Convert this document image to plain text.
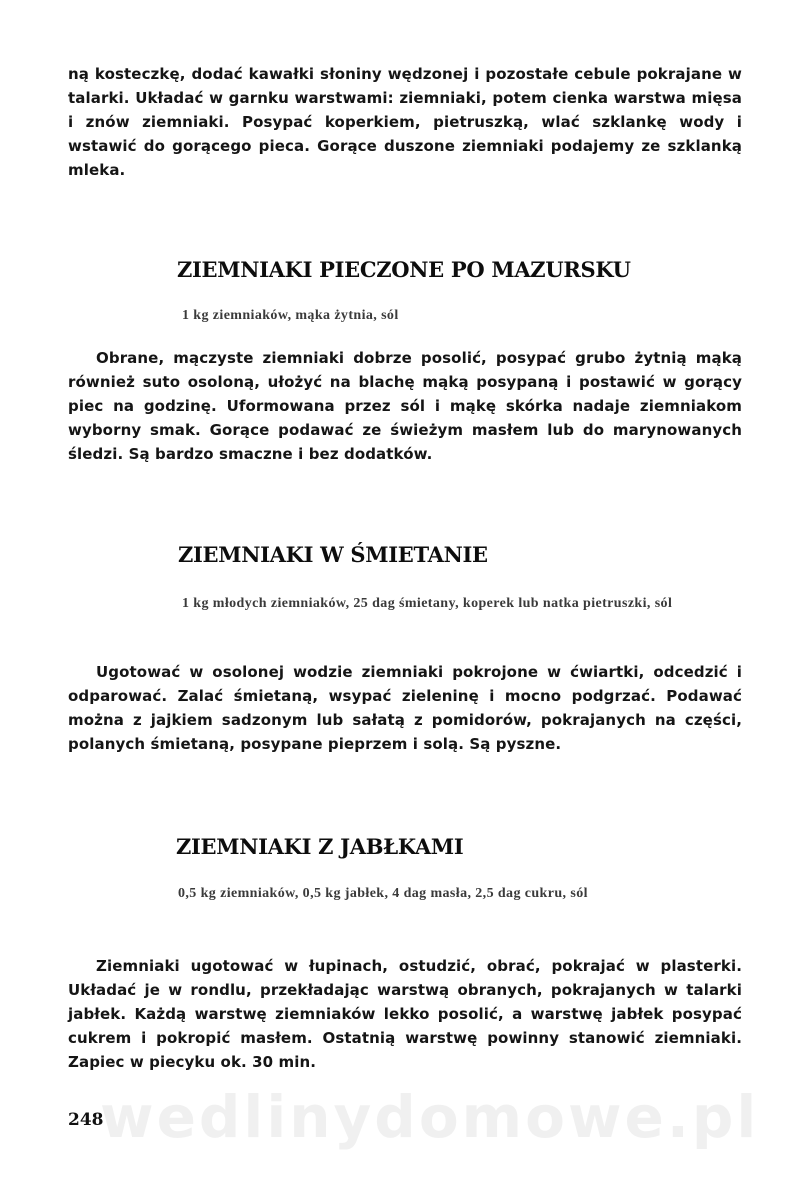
ną kosteczkę, dodać kawałki słoniny wędzonej i pozostałe cebule pokrajane w talarki. Układać w garnku warstwami: ziemniaki, potem cienka warstwa mięsa i znów ziemniaki. Posypać koperkiem, pietruszką, wlać szklankę wody i wstawić do gorącego pieca. Gorące duszone ziemniaki podajemy ze szklanką mleka.

ZIEMNIAKI PIECZONE PO MAZURSKU

1 kg ziemniaków, mąka żytnia, sól

Obrane, mączyste ziemniaki dobrze posolić, posypać grubo żytnią mąką również suto osoloną, ułożyć na blachę mąką posypaną i postawić w gorący piec na godzinę. Uformowana przez sól i mąkę skórka nadaje ziemniakom wyborny smak. Gorące podawać ze świeżym masłem lub do marynowanych śledzi. Są bardzo smaczne i bez dodatków.

ZIEMNIAKI W ŚMIETANIE

1 kg młodych ziemniaków, 25 dag śmietany, koperek lub natka pietruszki, sól

Ugotować w osolonej wodzie ziemniaki pokrojone w ćwiartki, odcedzić i odparować. Zalać śmietaną, wsypać zieleninę i mocno podgrzać. Podawać można z jajkiem sadzonym lub sałatą z pomidorów, pokrajanych na części, polanych śmietaną, posypane pieprzem i solą. Są pyszne.

ZIEMNIAKI Z JABŁKAMI

0,5 kg ziemniaków, 0,5 kg jabłek, 4 dag masła, 2,5 dag cukru, sól

Ziemniaki ugotować w łupinach, ostudzić, obrać, pokrajać w plasterki. Układać je w rondlu, przekładając warstwą obranych, pokrajanych w talarki jabłek. Każdą warstwę ziemniaków lekko posolić, a warstwę jabłek posypać cukrem i pokropić masłem. Ostatnią warstwę powinny stanowić ziemniaki. Zapiec w piecyku ok. 30 min.

wedlinydomowe.pl
248
